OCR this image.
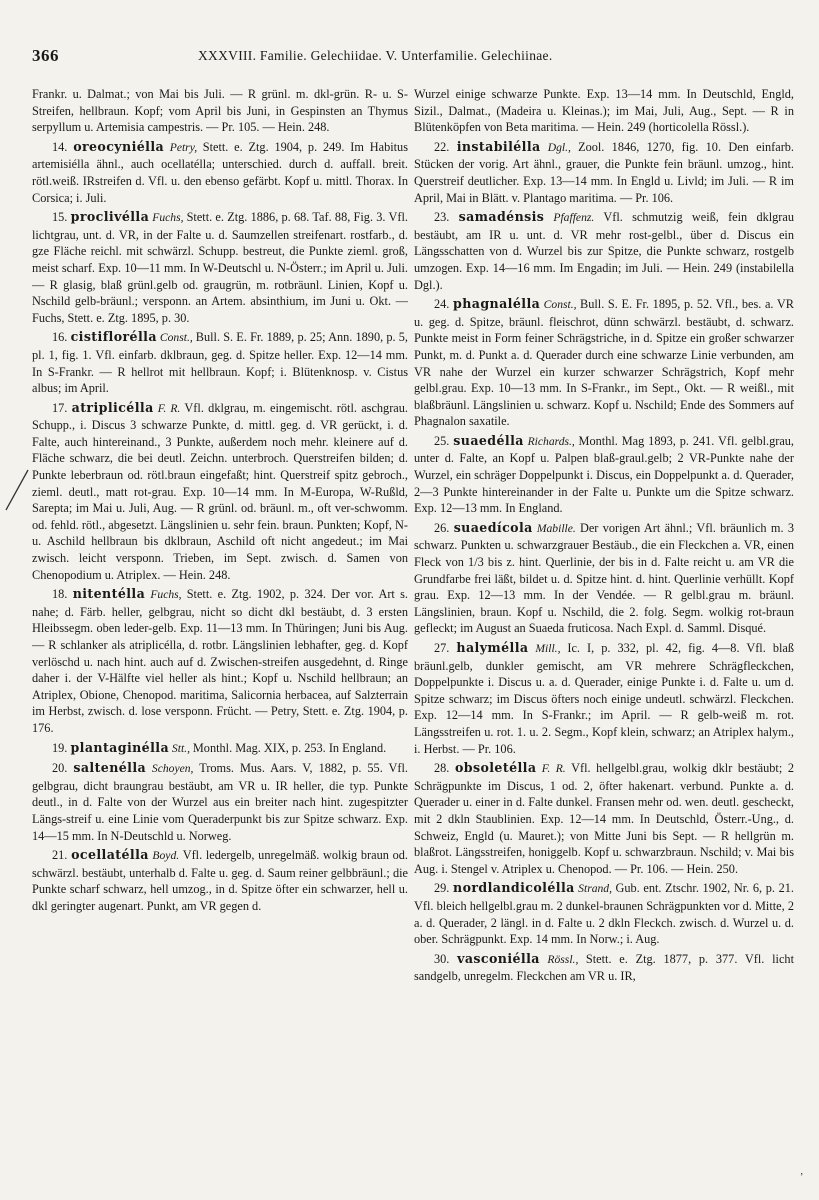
366	XXXVIII. Familie. Gelechiidae. V. Unterfamilie. Gelechiinae.

Frankr. u. Dalmat.; von Mai bis Juli. — R grünl. m. dkl-grün. R- u. S-Streifen, hellbraun. Kopf; vom April bis Juni, in Gespinsten an Thymus serpyllum u. Artemisia campestris. — Pr. 105. — Hein. 248.

14. oreocyniélla Petry, Stett. e. Ztg. 1904, p. 249. Im Habitus artemisiélla ähnl., auch ocellatélla; unterschied. durch d. auffall. breit. rötl.weiß. IRstreifen d. Vfl. u. den ebenso gefärbt. Kopf u. mittl. Thorax. In Corsica; i. Juli.

15. proclivélla Fuchs, Stett. e. Ztg. 1886, p. 68. Taf. 88, Fig. 3. Vfl. lichtgrau, unt. d. VR, in der Falte u. d. Saumzellen streifenart. rostfarb., d. gze Fläche reichl. mit schwärzl. Schupp. bestreut, die Punkte zieml. groß, meist scharf. Exp. 10—11 mm. In W-Deutschl u. N-Österr.; im April u. Juli. — R glasig, blaß grünl.gelb od. graugrün, m. rotbräunl. Linien, Kopf u. Nschild gelb-bräunl.; versponn. an Artem. absinthium, im Juni u. Okt. — Fuchs, Stett. e. Ztg. 1895, p. 30.

16. cistiflorélla Const., Bull. S. E. Fr. 1889, p. 25; Ann. 1890, p. 5, pl. 1, fig. 1. Vfl. einfarb. dklbraun, geg. d. Spitze heller. Exp. 12—14 mm. In S-Frankr. — R hellrot mit hellbraun. Kopf; i. Blütenknosp. v. Cistus albus; im April.

17. atriplicélla F. R. Vfl. dklgrau, m. eingemischt. rötl. aschgrau. Schupp., i. Discus 3 schwarze Punkte, d. mittl. geg. d. VR gerückt, i. d. Falte, auch hintereinand., 3 Punkte, außerdem noch mehr. kleinere auf d. Fläche schwarz, die bei deutl. Zeichn. unterbroch. Querstreifen bilden; d. Punkte leberbraun od. rötl.braun eingefaßt; hint. Querstreif spitz gebroch., zieml. deutl., matt rot-grau. Exp. 10—14 mm. In M-Europa, W-Rußld, Sarepta; im Mai u. Juli, Aug. — R grünl. od. bräunl. m., oft ver-schwomm. od. fehld. rötl., abgesetzt. Längslinien u. sehr fein. braun. Punkten; Kopf, N- u. Aschild hellbraun bis dklbraun, Aschild oft nicht angedeut.; im Mai zwisch. leicht versponn. Trieben, im Sept. zwisch. d. Samen von Chenopodium u. Atriplex. — Hein. 248.

18. nitentélla Fuchs, Stett. e. Ztg. 1902, p. 324. Der vor. Art s. nahe; d. Färb. heller, gelbgrau, nicht so dicht dkl bestäubt, d. 3 ersten Hleibssegm. oben leder-gelb. Exp. 11—13 mm. In Thüringen; Juni bis Aug. — R schlanker als atriplicélla, d. rotbr. Längslinien lebhafter, geg. d. Kopf verlöschd u. nach hint. auch auf d. Zwischen-streifen ausgedehnt, d. Ringe daher i. der V-Hälfte viel heller als hint.; Kopf u. Nschild hellbraun; an Atriplex, Obione, Chenopod. maritima, Salicornia herbacea, auf Salzterrain im Herbst, zwisch. d. lose versponn. Frücht. — Petry, Stett. e. Ztg. 1904, p. 176.

19. plantaginélla Stt., Monthl. Mag. XIX, p. 253. In England.

20. saltenélla Schoyen, Troms. Mus. Aars. V, 1882, p. 55. Vfl. gelbgrau, dicht braungrau bestäubt, am VR u. IR heller, die typ. Punkte deutl., in d. Falte von der Wurzel aus ein breiter nach hint. zugespitzter Längs-streif u. eine Linie vom Queraderpunkt bis zur Spitze schwarz. Exp. 14—15 mm. In N-Deutschld u. Norweg.

21. ocellatélla Boyd. Vfl. ledergelb, unregelmäß. wolkig braun od. schwärzl. bestäubt, unterhalb d. Falte u. geg. d. Saum reiner gelbbräunl.; die Punkte scharf schwarz, hell umzog., in d. Spitze öfter ein schwarzer, hell u. dkl geringter augenart. Punkt, am VR gegen d.

Wurzel einige schwarze Punkte. Exp. 13—14 mm. In Deutschld, Engld, Sizil., Dalmat., (Madeira u. Kleinas.); im Mai, Juli, Aug., Sept. — R in Blütenköpfen von Beta maritima. — Hein. 249 (horticolella Rössl.).

22. instabilélla Dgl., Zool. 1846, 1270, fig. 10. Den einfarb. Stücken der vorig. Art ähnl., grauer, die Punkte fein bräunl. umzog., hint. Querstreif deutlicher. Exp. 13—14 mm. In Engld u. Livld; im Juli. — R im April, Mai in Blätt. v. Plantago maritima. — Pr. 106.

23. samadénsis Pfaffenz. Vfl. schmutzig weiß, fein dklgrau bestäubt, am IR u. unt. d. VR mehr rost-gelbl., über d. Discus ein Längsschatten von d. Wurzel bis zur Spitze, die Punkte schwarz, rostgelb umzogen. Exp. 14—16 mm. Im Engadin; im Juli. — Hein. 249 (instabilella Dgl.).

24. phagnalélla Const., Bull. S. E. Fr. 1895, p. 52. Vfl., bes. a. VR u. geg. d. Spitze, bräunl. fleischrot, dünn schwärzl. bestäubt, d. schwarz. Punkte meist in Form feiner Schrägstriche, in d. Spitze ein großer schwarzer Punkt, m. d. Punkt a. d. Querader durch eine schwarze Linie verbunden, am VR nahe der Wurzel ein kurzer schwarzer Schrägstrich, Kopf mehr gelbl.grau. Exp. 10—13 mm. In S-Frankr., im Sept., Okt. — R weißl., mit blaßbräunl. Längslinien u. schwarz. Kopf u. Nschild; Ende des Sommers auf Phagnalon saxatile.

25. suaedélla Richards., Monthl. Mag 1893, p. 241. Vfl. gelbl.grau, unter d. Falte, an Kopf u. Palpen blaß-graul.gelb; 2 VR-Punkte nahe der Wurzel, ein schräger Doppelpunkt i. Discus, ein Doppelpunkt a. d. Querader, 2—3 Punkte hintereinander in der Falte u. Punkte um die Spitze schwarz. Exp. 12—13 mm. In England.

26. suaedícola Mabille. Der vorigen Art ähnl.; Vfl. bräunlich m. 3 schwarz. Punkten u. schwarzgrauer Bestäub., die ein Fleckchen a. VR, einen Fleck von 1/3 bis z. hint. Querlinie, der bis in d. Falte reicht u. am VR die Grundfarbe frei läßt, bildet u. d. Spitze hint. d. hint. Querlinie verhüllt. Kopf grau. Exp. 12—13 mm. In der Vendée. — R gelbl.grau m. bräunl. Längslinien, braun. Kopf u. Nschild, die 2. folg. Segm. wolkig rot-braun gefleckt; im August an Suaeda fruticosa. Nach Expl. d. Samml. Disqué.

27. halymélla Mill., Ic. I, p. 332, pl. 42, fig. 4—8. Vfl. blaß bräunl.gelb, dunkler gemischt, am VR mehrere Schrägfleckchen, Doppelpunkte i. Discus u. a. d. Querader, einige Punkte i. d. Falte u. um d. Spitze schwarz; im Discus öfters noch einige undeutl. schwärzl. Fleckchen. Exp. 12—14 mm. In S-Frankr.; im April. — R gelb-weiß m. rot. Längsstreifen u. rot. 1. u. 2. Segm., Kopf klein, schwarz; an Atriplex halym., i. Herbst. — Pr. 106.

28. obsoletélla F. R. Vfl. hellgelbl.grau, wolkig dklr bestäubt; 2 Schrägpunkte im Discus, 1 od. 2, öfter hakenart. verbund. Punkte a. d. Querader u. einer in d. Falte dunkel. Fransen mehr od. wen. deutl. gescheckt, mit 2 dkln Staublinien. Exp. 12—14 mm. In Deutschld, Österr.-Ung., d. Schweiz, Engld (u. Mauret.); von Mitte Juni bis Sept. — R hellgrün m. blaßrot. Längsstreifen, honiggelb. Kopf u. schwarzbraun. Nschild; v. Mai bis Aug. i. Stengel v. Atriplex u. Chenopod. — Pr. 106. — Hein. 250.

29. nordlandicolélla Strand, Gub. ent. Ztschr. 1902, Nr. 6, p. 21. Vfl. bleich hellgelbl.grau m. 2 dunkel-braunen Schrägpunkten vor d. Mitte, 2 a. d. Querader, 2 längl. in d. Falte u. 2 dkln Fleckch. zwisch. d. Wurzel u. d. ober. Schrägpunkt. Exp. 14 mm. In Norw.; i. Aug.

30. vasconiélla Rössl., Stett. e. Ztg. 1877, p. 377. Vfl. licht sandgelb, unregelm. Fleckchen am VR u. IR,

ʼ
